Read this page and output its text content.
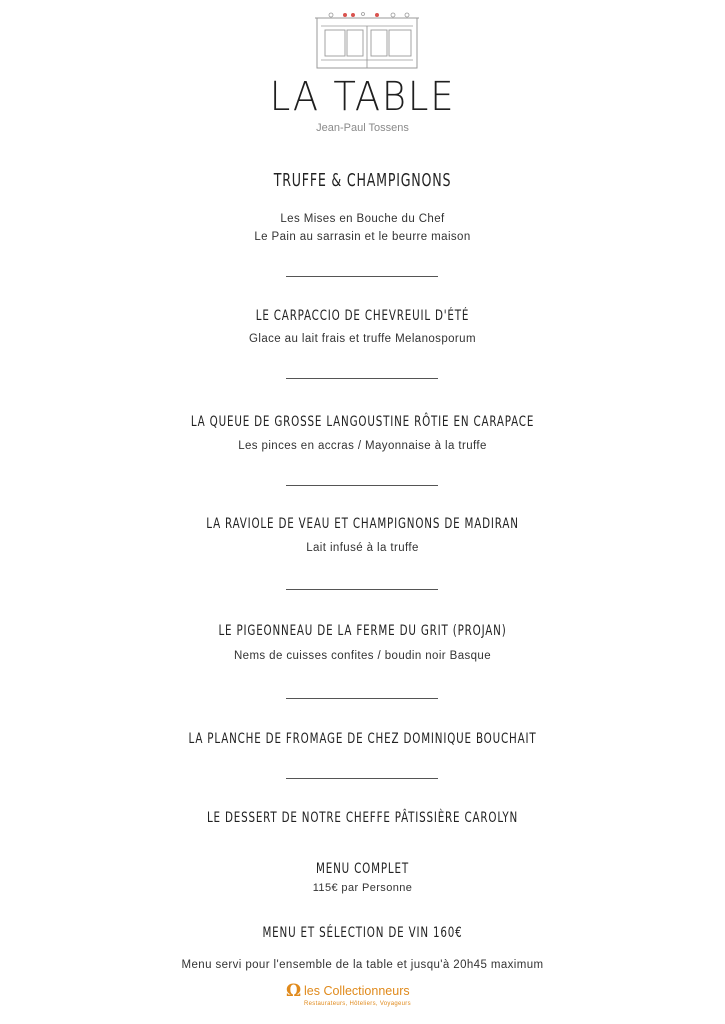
LA TABLE
Jean-Paul Tossens
TRUFFE & CHAMPIGNONS
Les Mises en Bouche du Chef
Le Pain au sarrasin et le beurre maison
LE CARPACCIO DE CHEVREUIL D'ÉTÉ
Glace au lait frais et truffe Melanosporum
LA QUEUE DE GROSSE LANGOUSTINE RÔTIE EN CARAPACE
Les pinces en accras / Mayonnaise à la truffe
LA RAVIOLE DE VEAU ET CHAMPIGNONS DE MADIRAN
Lait infusé à la truffe
LE PIGEONNEAU DE LA FERME DU GRIT (PROJAN)
Nems de cuisses confites / boudin noir Basque
LA PLANCHE DE FROMAGE DE CHEZ DOMINIQUE BOUCHAIT
LE DESSERT DE NOTRE CHEFFE PÂTISSIÈRE CAROLYN
MENU COMPLET
115€ par Personne
MENU ET SÉLECTION DE VIN 160€
Menu servi pour l'ensemble de la table et jusqu'à 20h45 maximum
Ω les Collectionneurs
Restaurateurs, Hôteliers, Voyageurs
